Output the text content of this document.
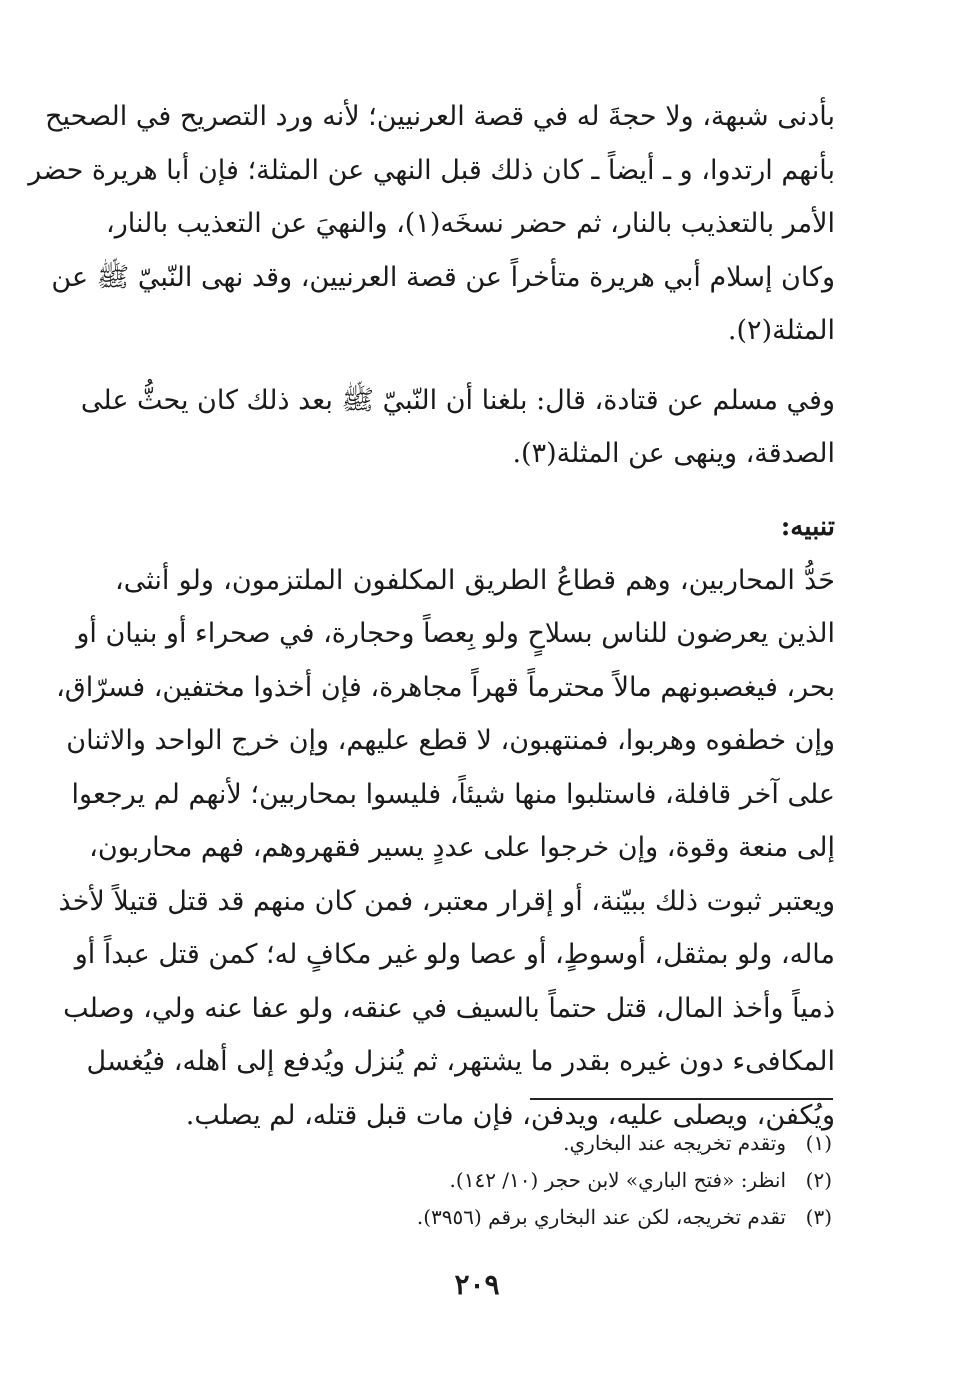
بأدنى شبهة، ولا حجةَ له في قصة العرنيين؛ لأنه ورد التصريح في الصحيح
بأنهم ارتدوا، و ـ أيضاً ـ كان ذلك قبل النهي عن المثلة؛ فإن أبا هريرة حضر
الأمر بالتعذيب بالنار، ثم حضر نسخَه(١)، والنهيَ عن التعذيب بالنار،
وكان إسلام أبي هريرة متأخراً عن قصة العرنيين، وقد نهى النّبيّ ﷺ عن
المثلة(٢).

وفي مسلم عن قتادة، قال: بلغنا أن النّبيّ ﷺ بعد ذلك كان يحثُّ على
الصدقة، وينهى عن المثلة(٣).

تنبيه:

حَدُّ المحاربين، وهم قطاعُ الطريق المكلفون الملتزمون، ولو أنثى،
الذين يعرضون للناس بسلاحٍ ولو بِعصاً وحجارة، في صحراء أو بنيان أو
بحر، فيغصبونهم مالاً محترماً قهراً مجاهرة، فإن أخذوا مختفين، فسرّاق،
وإن خطفوه وهربوا، فمنتهبون، لا قطع عليهم، وإن خرج الواحد والاثنان
على آخر قافلة، فاستلبوا منها شيئاً، فليسوا بمحاربين؛ لأنهم لم يرجعوا
إلى منعة وقوة، وإن خرجوا على عددٍ يسير فقهروهم، فهم محاربون،
ويعتبر ثبوت ذلك ببيّنة، أو إقرار معتبر، فمن كان منهم قد قتل قتيلاً لأخذ
ماله، ولو بمثقل، أوسوطٍ، أو عصا ولو غير مكافٍ له؛ كمن قتل عبداً أو
ذمياً وأخذ المال، قتل حتماً بالسيف في عنقه، ولو عفا عنه ولي، وصلب
المكافىء دون غيره بقدر ما يشتهر، ثم يُنزل ويُدفع إلى أهله، فيُغسل
ويُكفن، ويصلى عليه، ويدفن، فإن مات قبل قتله، لم يصلب.

(١)وتقدم تخريجه عند البخاري.
(٢)انظر: «فتح الباري» لابن حجر (١٠/ ١٤٢).
(٣)تقدم تخريجه، لكن عند البخاري برقم (٣٩٥٦).
٢٠٩
